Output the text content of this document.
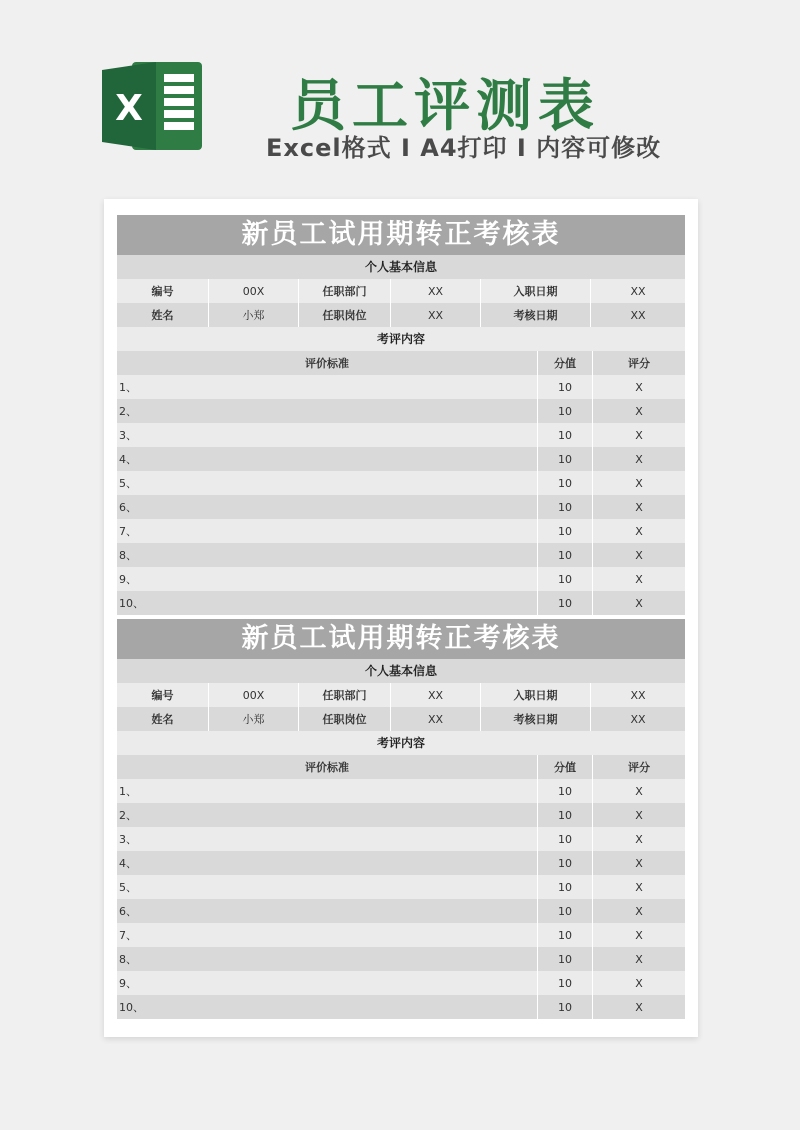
X	员工评测表
Excel格式 Ⅰ A4打印 Ⅰ 内容可修改
新员工试用期转正考核表
个人基本信息
编号	00X	任职部门	XX	入职日期	XX
姓名	小郑	任职岗位	XX	考核日期	XX
考评内容
评价标准	分值	评分
1、	10	X
2、	10	X
3、	10	X
4、	10	X
5、	10	X
6、	10	X
7、	10	X
8、	10	X
9、	10	X
10、	10	X
新员工试用期转正考核表
个人基本信息
编号	00X	任职部门	XX	入职日期	XX
姓名	小郑	任职岗位	XX	考核日期	XX
考评内容
评价标准	分值	评分
1、	10	X
2、	10	X
3、	10	X
4、	10	X
5、	10	X
6、	10	X
7、	10	X
8、	10	X
9、	10	X
10、	10	X
